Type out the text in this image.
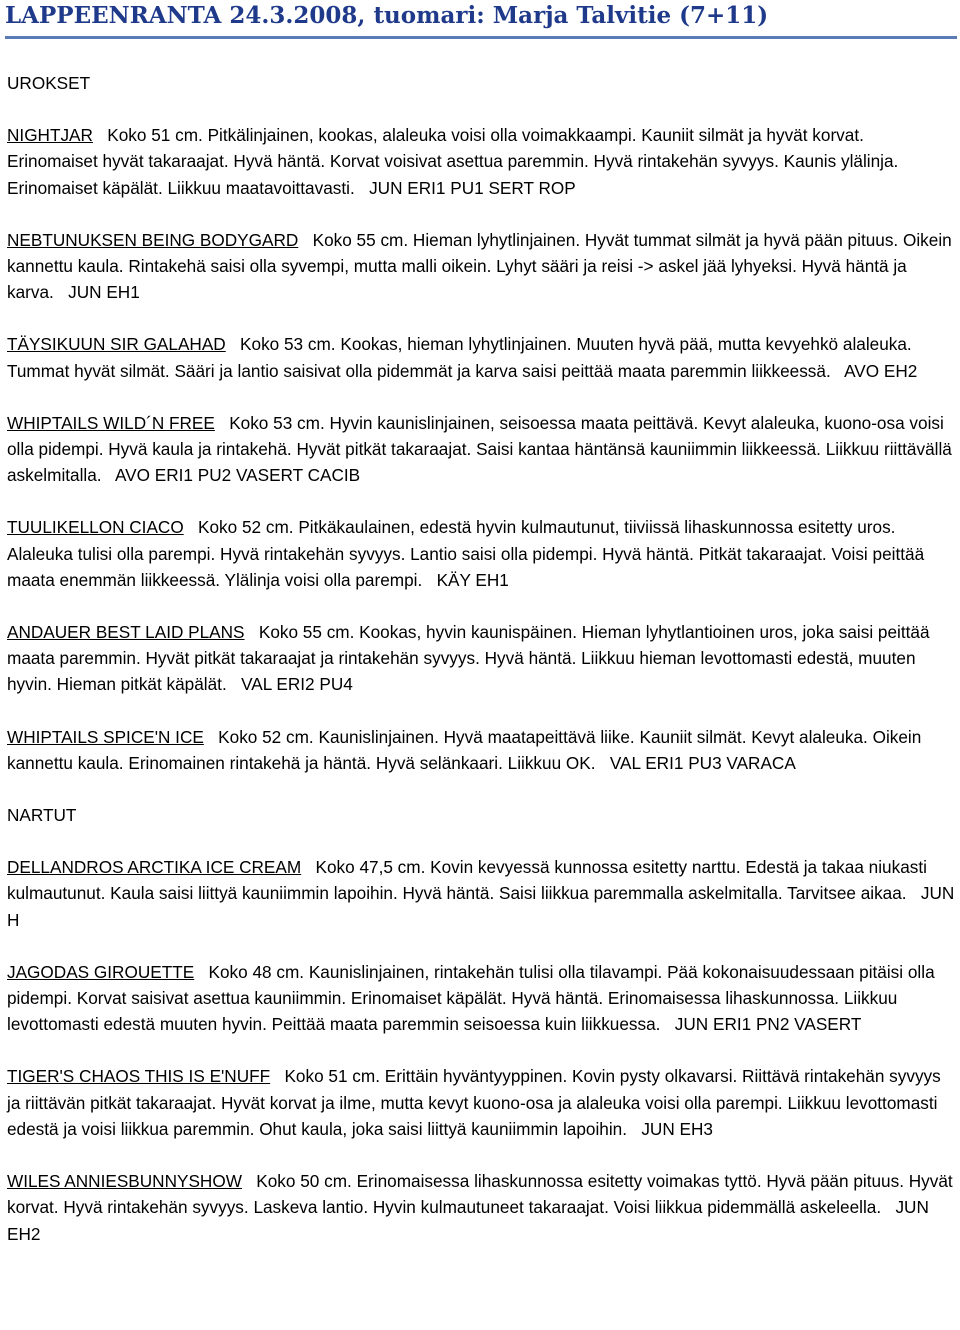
LAPPEENRANTA 24.3.2008, tuomari: Marja Talvitie (7+11)
UROKSET

NIGHTJAR Koko 51 cm. Pitkälinjainen, kookas, alaleuka voisi olla voimakkaampi. Kauniit silmät ja hyvät korvat. Erinomaiset hyvät takaraajat. Hyvä häntä. Korvat voisivat asettua paremmin. Hyvä rintakehän syvyys. Kaunis ylälinja. Erinomaiset käpälät. Liikkuu maatavoittavasti. JUN ERI1 PU1 SERT ROP

NEBTUNUKSEN BEING BODYGARD Koko 55 cm. Hieman lyhytlinjainen. Hyvät tummat silmät ja hyvä pään pituus. Oikein kannettu kaula. Rintakehä saisi olla syvempi, mutta malli oikein. Lyhyt sääri ja reisi -> askel jää lyhyeksi. Hyvä häntä ja karva. JUN EH1

TÄYSIKUUN SIR GALAHAD Koko 53 cm. Kookas, hieman lyhytlinjainen. Muuten hyvä pää, mutta kevyehkö alaleuka. Tummat hyvät silmät. Sääri ja lantio saisivat olla pidemmät ja karva saisi peittää maata paremmin liikkeessä. AVO EH2

WHIPTAILS WILD´N FREE Koko 53 cm. Hyvin kaunislinjainen, seisoessa maata peittävä. Kevyt alaleuka, kuono-osa voisi olla pidempi. Hyvä kaula ja rintakehä. Hyvät pitkät takaraajat. Saisi kantaa häntänsä kauniimmin liikkeessä. Liikkuu riittävällä askelmitalla. AVO ERI1 PU2 VASERT CACIB

TUULIKELLON CIACO Koko 52 cm. Pitkäkaulainen, edestä hyvin kulmautunut, tiiviissä lihaskunnossa esitetty uros. Alaleuka tulisi olla parempi. Hyvä rintakehän syvyys. Lantio saisi olla pidempi. Hyvä häntä. Pitkät takaraajat. Voisi peittää maata enemmän liikkeessä. Ylälinja voisi olla parempi. KÄY EH1

ANDAUER BEST LAID PLANS Koko 55 cm. Kookas, hyvin kaunispäinen. Hieman lyhytlantioinen uros, joka saisi peittää maata paremmin. Hyvät pitkät takaraajat ja rintakehän syvyys. Hyvä häntä. Liikkuu hieman levottomasti edestä, muuten hyvin. Hieman pitkät käpälät. VAL ERI2 PU4

WHIPTAILS SPICE'N ICE Koko 52 cm. Kaunislinjainen. Hyvä maatapeittävä liike. Kauniit silmät. Kevyt alaleuka. Oikein kannettu kaula. Erinomainen rintakehä ja häntä. Hyvä selänkaari. Liikkuu OK. VAL ERI1 PU3 VARACA

NARTUT

DELLANDROS ARCTIKA ICE CREAM Koko 47,5 cm. Kovin kevyessä kunnossa esitetty narttu. Edestä ja takaa niukasti kulmautunut. Kaula saisi liittyä kauniimmin lapoihin. Hyvä häntä. Saisi liikkua paremmalla askelmitalla. Tarvitsee aikaa. JUN H

JAGODAS GIROUETTE Koko 48 cm. Kaunislinjainen, rintakehän tulisi olla tilavampi. Pää kokonaisuudessaan pitäisi olla pidempi. Korvat saisivat asettua kauniimmin. Erinomaiset käpälät. Hyvä häntä. Erinomaisessa lihaskunnossa. Liikkuu levottomasti edestä muuten hyvin. Peittää maata paremmin seisoessa kuin liikkuessa. JUN ERI1 PN2 VASERT

TIGER'S CHAOS THIS IS E'NUFF Koko 51 cm. Erittäin hyväntyyppinen. Kovin pysty olkavarsi. Riittävä rintakehän syvyys ja riittävän pitkät takaraajat. Hyvät korvat ja ilme, mutta kevyt kuono-osa ja alaleuka voisi olla parempi. Liikkuu levottomasti edestä ja voisi liikkua paremmin. Ohut kaula, joka saisi liittyä kauniimmin lapoihin. JUN EH3

WILES ANNIESBUNNYSHOW Koko 50 cm. Erinomaisessa lihaskunnossa esitetty voimakas tyttö. Hyvä pään pituus. Hyvät korvat. Hyvä rintakehän syvyys. Laskeva lantio. Hyvin kulmautuneet takaraajat. Voisi liikkua pidemmällä askeleella. JUN EH2
